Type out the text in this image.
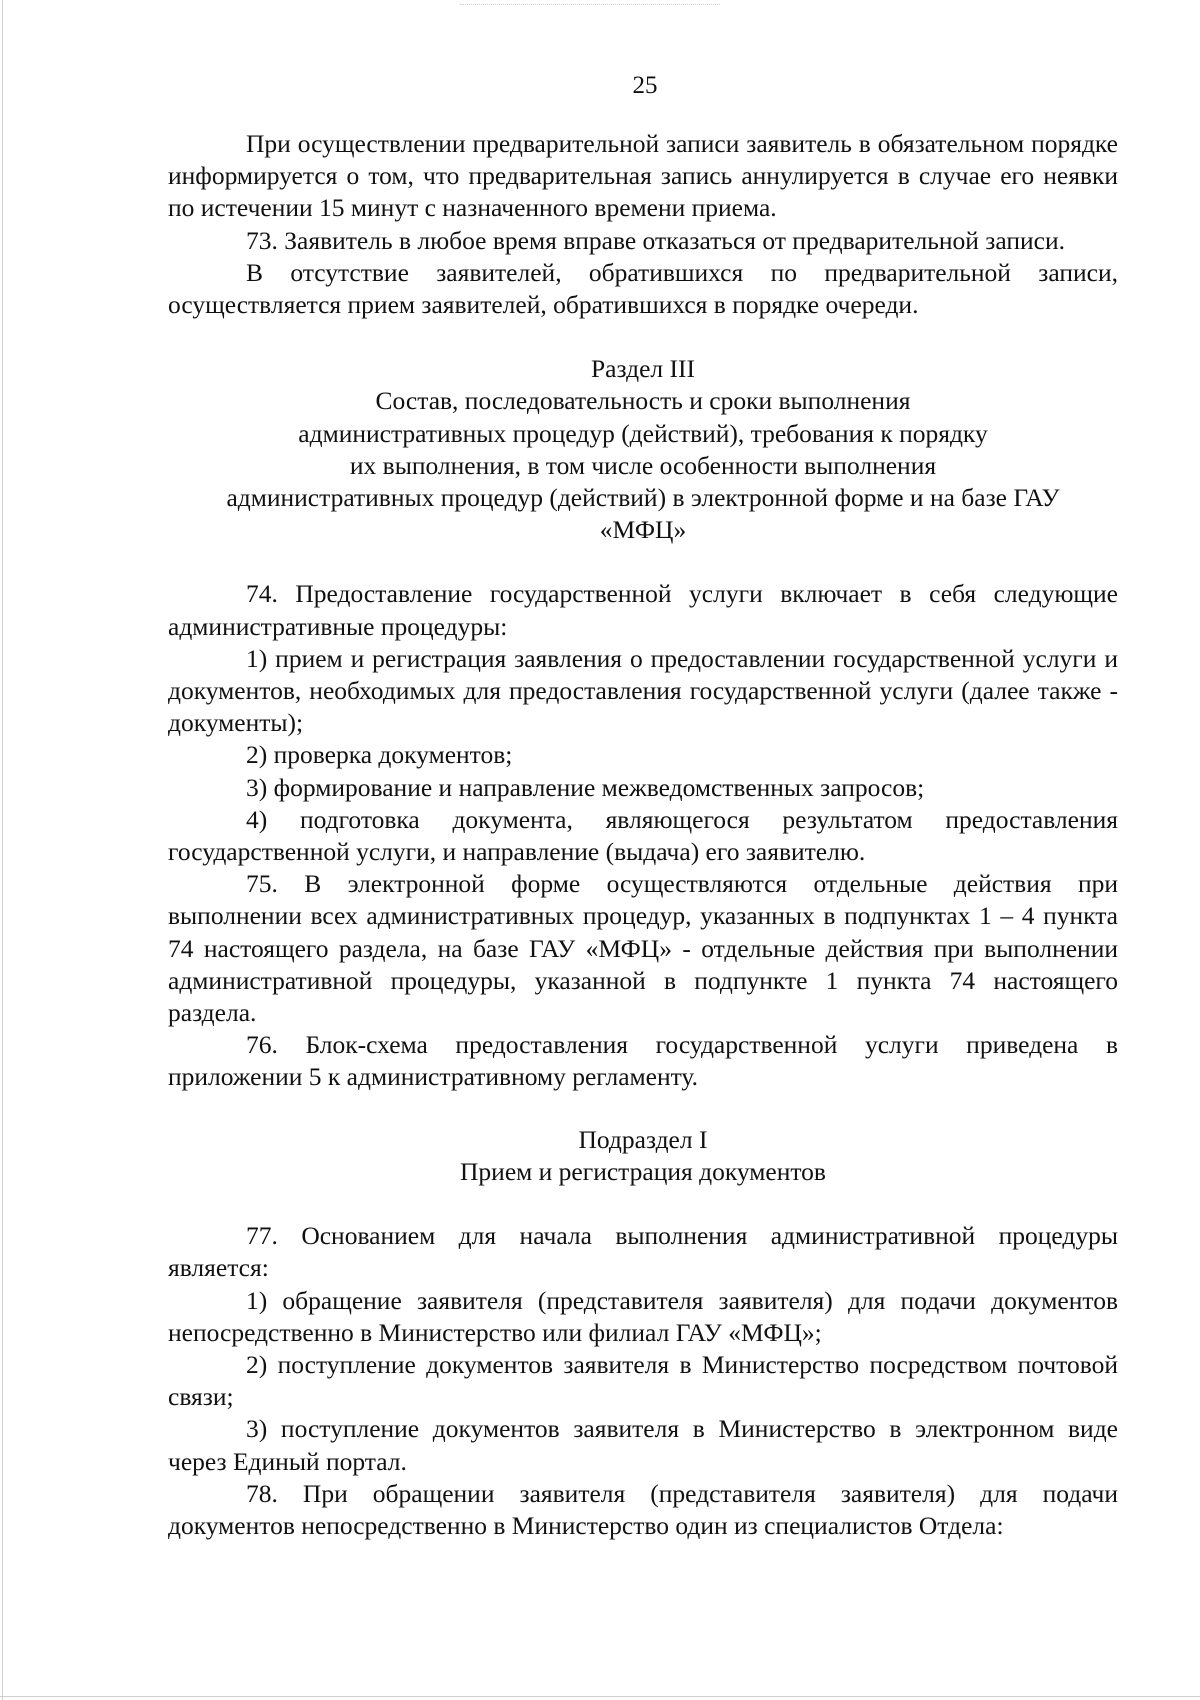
25

При осуществлении предварительной записи заявитель в обязательном порядке информируется о том, что предварительная запись аннулируется в случае его неявки по истечении 15 минут с назначенного времени приема.

73. Заявитель в любое время вправе отказаться от предварительной записи.

В отсутствие заявителей, обратившихся по предварительной записи, осуществляется прием заявителей, обратившихся в порядке очереди.

Раздел III
Состав, последовательность и сроки выполнения
административных процедур (действий), требования к порядку
их выполнения, в том числе особенности выполнения
административных процедур (действий) в электронной форме и на базе ГАУ
«МФЦ»

74. Предоставление государственной услуги включает в себя следующие административные процедуры:

1) прием и регистрация заявления о предоставлении государственной услуги и документов, необходимых для предоставления государственной услуги (далее также - документы);

2) проверка документов;

3) формирование и направление межведомственных запросов;

4) подготовка документа, являющегося результатом предоставления государственной услуги, и направление (выдача) его заявителю.

75. В электронной форме осуществляются отдельные действия при выполнении всех административных процедур, указанных в подпунктах 1 – 4 пункта 74 настоящего раздела, на базе ГАУ «МФЦ» - отдельные действия при выполнении административной процедуры, указанной в подпункте 1 пункта 74 настоящего раздела.

76. Блок-схема предоставления государственной услуги приведена в приложении 5 к административному регламенту.

Подраздел I
Прием и регистрация документов

77. Основанием для начала выполнения административной процедуры является:

1) обращение заявителя (представителя заявителя) для подачи документов непосредственно в Министерство или филиал ГАУ «МФЦ»;

2) поступление документов заявителя в Министерство посредством почтовой связи;

3) поступление документов заявителя в Министерство в электронном виде через Единый портал.

78. При обращении заявителя (представителя заявителя) для подачи документов непосредственно в Министерство один из специалистов Отдела:
